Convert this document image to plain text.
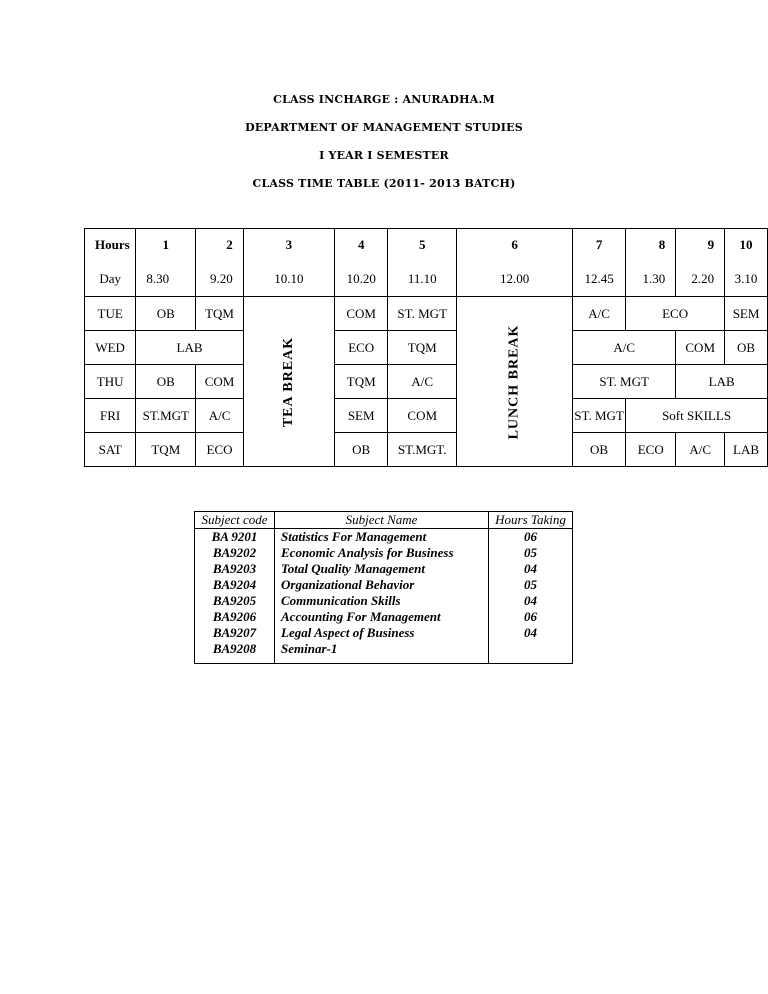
CLASS INCHARGE : ANURADHA.M
DEPARTMENT OF MANAGEMENT STUDIES
I YEAR I SEMESTER
CLASS TIME TABLE (2011- 2013 BATCH)
Hours	1	2	3	4	5	6	7	8	9	10
Day	8.30	9.20	10.10	10.20	11.10	12.00	12.45	1.30	2.20	3.10
TUE	OB	TQM	TEA BREAK	COM	ST. MGT	LUNCH BREAK	A/C	ECO		SEM
WED	LAB			ECO	TQM		A/C		COM	OB
THU	OB	COM		TQM	A/C		ST. MGT		LAB	
FRI	ST.MGT	A/C		SEM	COM		ST. MGT	Soft SKILLS		
SAT	TQM	ECO		OB	ST.MGT.		OB	ECO	A/C	LAB
Subject code	Subject Name	Hours Taking
BA 9201	Statistics For Management	06
BA9202	Economic Analysis for Business	05
BA9203	Total Quality Management	04
BA9204	Organizational Behavior	05
BA9205	Communication Skills	04
BA9206	Accounting For Management	06
BA9207	Legal Aspect of Business	04
BA9208	Seminar-1	
